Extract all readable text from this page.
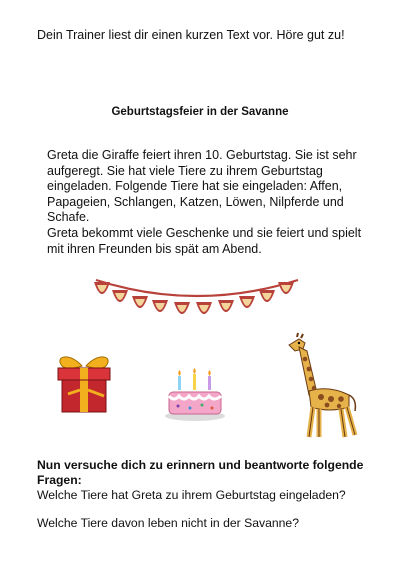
Dein Trainer liest dir einen kurzen Text vor. Höre gut zu!
Geburtstagsfeier in der Savanne

Greta die Giraffe feiert ihren 10. Geburtstag. Sie ist sehr aufgeregt. Sie hat viele Tiere zu ihrem Geburtstag eingeladen. Folgende Tiere hat sie eingeladen: Affen, Papageien, Schlangen, Katzen, Löwen, Nilpferde und Schafe.

Greta bekommt viele Geschenke und sie feiert und spielt mit ihren Freunden bis spät am Abend.

Nun versuche dich zu erinnern und beantworte folgende Fragen:
Welche Tiere hat Greta zu ihrem Geburtstag eingeladen?
Welche Tiere davon leben nicht in der Savanne?
